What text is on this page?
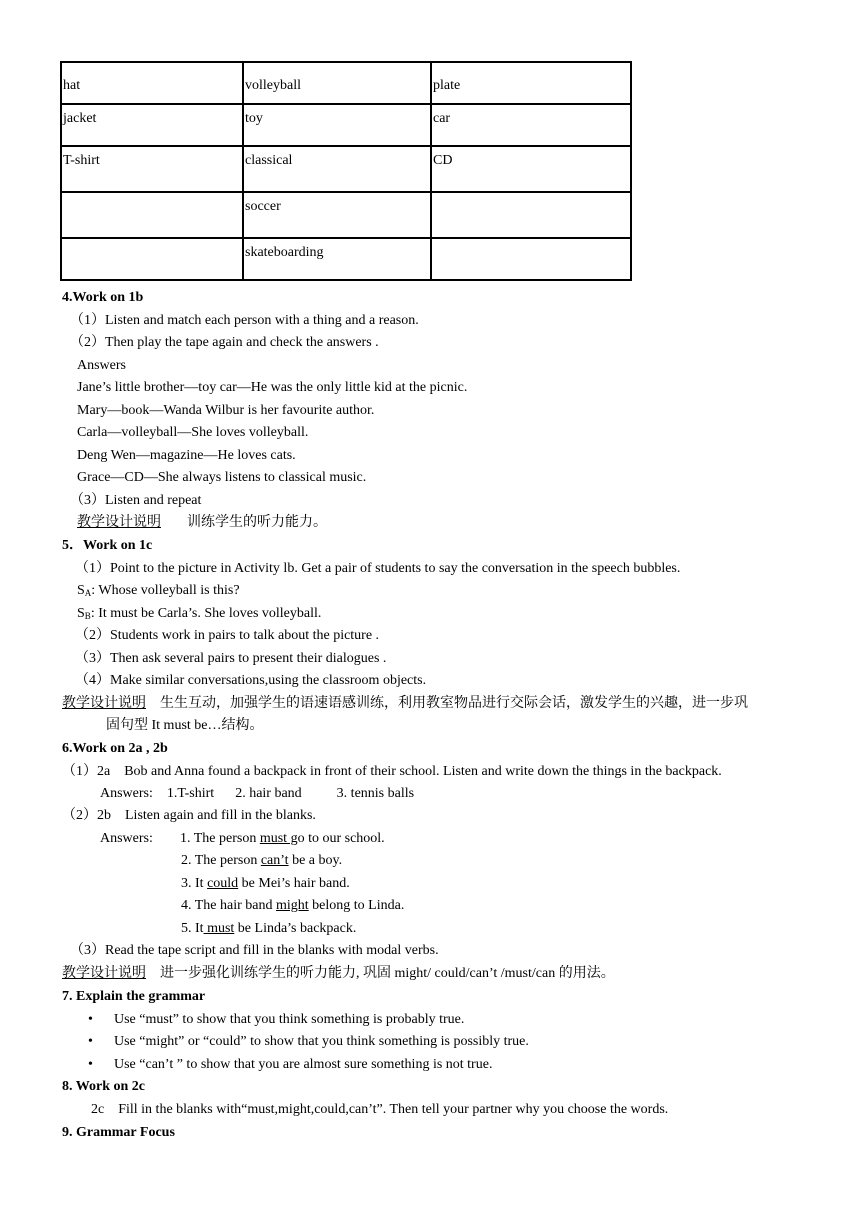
hat	volleyball	plate
jacket	toy	car
T-shirt	classical	CD
	soccer	
	skateboarding	
4.Work on 1b
（1）Listen and match each person with a thing and a reason.
（2）Then play the tape again and check the answers .
Answers
Jane’s little brother—toy car—He was the only little kid at the picnic.
Mary—book—Wanda Wilbur is her favourite author.
Carla—volleyball—She loves volleyball.
Deng Wen—magazine—He loves cats.
Grace—CD—She always listens to classical music.
（3）Listen and repeat
教学设计说明 训练学生的听力能力。
5．Work on 1c
（1）Point to the picture in Activity lb. Get a pair of students to say the conversation in the speech bubbles.
$S_A$: Whose volleyball is this?
$S_B$: It must be Carla’s. She loves volleyball.
（2）Students work in pairs to talk about the picture .
（3）Then ask several pairs to present their dialogues .
（4）Make similar conversations,using the classroom objects.
教学设计说明 生生互动，加强学生的语速语感训练，利用教室物品进行交际会话，激发学生的兴趣，进一步巩
固句型 It must be…结构。
6.Work on 2a , 2b
（1）2a    Bob and Anna found a backpack in front of their school. Listen and write down the things in the backpack.
Answers:    1.T-shirt      2. hair band          3. tennis balls
（2）2b    Listen again and fill in the blanks.
Answers: 1. The person must go to our school.
2. The person can’t be a boy.
3. It could be Mei’s hair band.
4. The hair band might belong to Linda.
5. It must be Linda’s backpack.
（3）Read the tape script and fill in the blanks with modal verbs.
教学设计说明 进一步强化训练学生的听力能力, 巩固 might/ could/can’t /must/can 的用法。
7. Explain the grammar
• Use “must” to show that you think something is probably true.
• Use “might” or “could” to show that you think something is possibly true.
• Use “can’t ” to show that you are almost sure something is not true.
8. Work on 2c
2c    Fill in the blanks with“must,might,could,can’t”. Then tell your partner why you choose the words.
9. Grammar Focus
